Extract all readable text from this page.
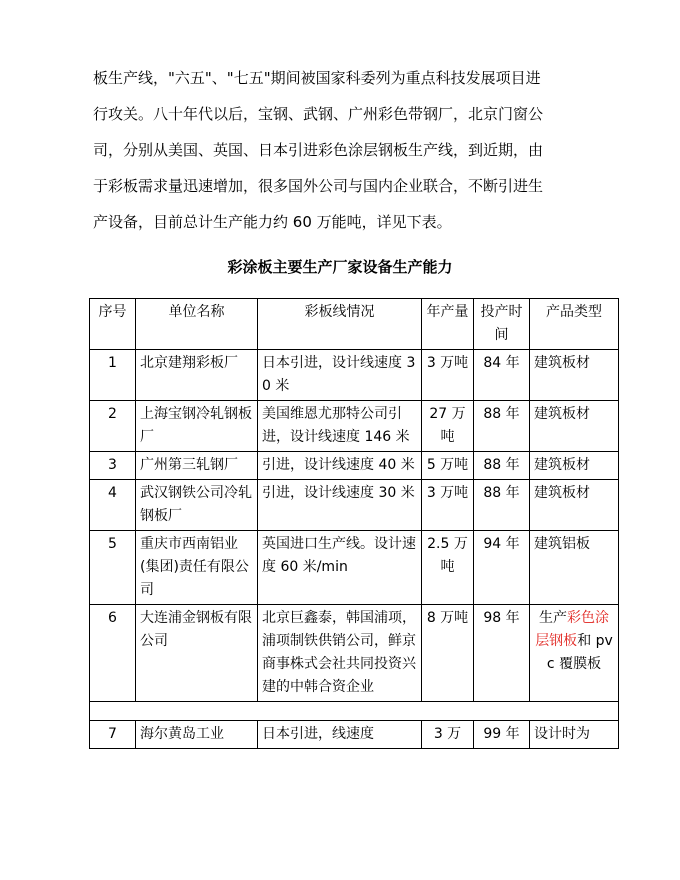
板生产线，"六五"、"七五"期间被国家科委列为重点科技发展项目进
行攻关。八十年代以后，宝钢、武钢、广州彩色带钢厂，北京门窗公
司，分别从美国、英国、日本引进彩色涂层钢板生产线，到近期，由
于彩板需求量迅速增加，很多国外公司与国内企业联合，不断引进生
产设备，目前总计生产能力约 60 万能吨，详见下表。
彩涂板主要生产厂家设备生产能力
序号	单位名称	彩板线情况	年产量	投产时间	产品类型
1	北京建翔彩板厂	日本引进，设计线速度 30 米	3 万吨	84 年	建筑板材
2	上海宝钢冷轧钢板厂	美国维恩尤那特公司引进，设计线速度 146 米	27 万吨	88 年	建筑板材
3	广州第三轧钢厂	引进，设计线速度 40 米	5 万吨	88 年	建筑板材
4	武汉钢铁公司冷轧钢板厂	引进，设计线速度 30 米	3 万吨	88 年	建筑板材
5	重庆市西南铝业(集团)责任有限公司	英国进口生产线。设计速度 60 米/min	2.5 万吨	94 年	建筑铝板
6	大连浦金钢板有限公司	北京巨鑫泰，韩国浦项， 浦项制铁供销公司，鲜京商事株式会社共同投资兴建的中韩合资企业	8 万吨	98 年	生产彩色涂层钢板和 pvc 覆膜板

7	海尔黄岛工业	日本引进，线速度	3 万	99 年	设计时为
